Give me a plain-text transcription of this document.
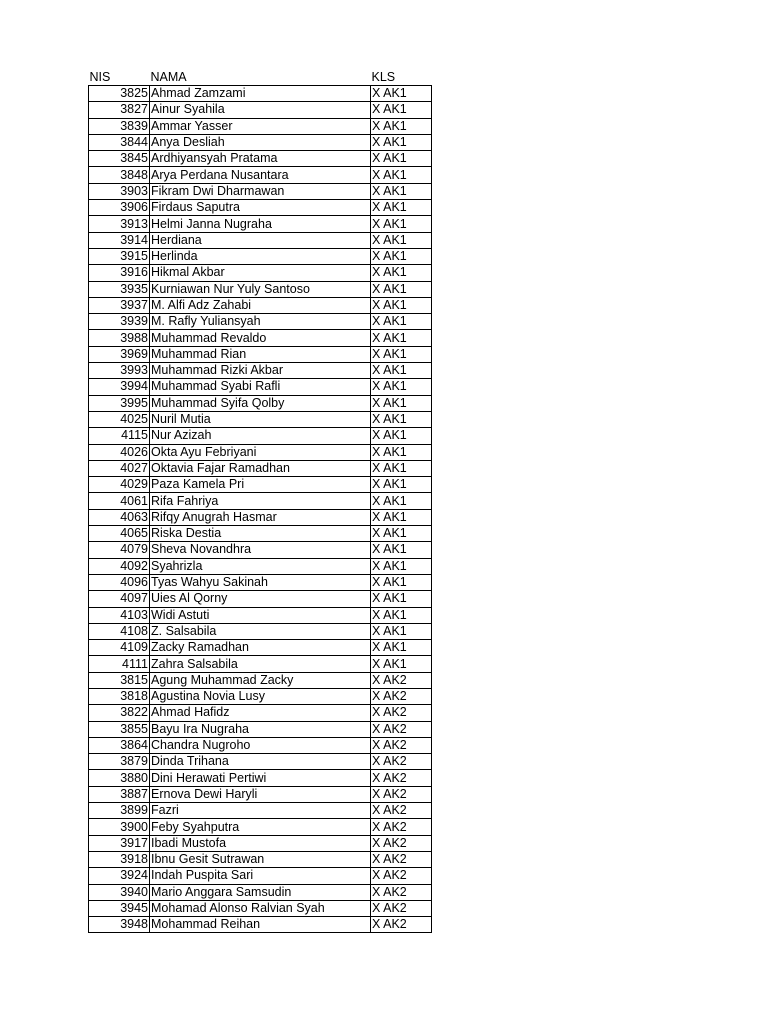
NIS	NAMA	KLS
3825	Ahmad Zamzami	X AK1
3827	Ainur Syahila	X AK1
3839	Ammar Yasser	X AK1
3844	Anya Desliah	X AK1
3845	Ardhiyansyah Pratama	X AK1
3848	Arya Perdana Nusantara	X AK1
3903	Fikram Dwi Dharmawan	X AK1
3906	Firdaus Saputra	X AK1
3913	Helmi Janna Nugraha	X AK1
3914	Herdiana	X AK1
3915	Herlinda	X AK1
3916	Hikmal Akbar	X AK1
3935	Kurniawan Nur Yuly Santoso	X AK1
3937	M. Alfi Adz Zahabi	X AK1
3939	M. Rafly Yuliansyah	X AK1
3988	Muhammad Revaldo	X AK1
3969	Muhammad Rian	X AK1
3993	Muhammad Rizki Akbar	X AK1
3994	Muhammad Syabi Rafli	X AK1
3995	Muhammad Syifa Qolby	X AK1
4025	Nuril Mutia	X AK1
4115	Nur Azizah	X AK1
4026	Okta Ayu Febriyani	X AK1
4027	Oktavia Fajar Ramadhan	X AK1
4029	Paza Kamela Pri	X AK1
4061	Rifa Fahriya	X AK1
4063	Rifqy Anugrah Hasmar	X AK1
4065	Riska Destia	X AK1
4079	Sheva Novandhra	X AK1
4092	Syahrizla	X AK1
4096	Tyas Wahyu Sakinah	X AK1
4097	Uies Al Qorny	X AK1
4103	Widi Astuti	X AK1
4108	Z. Salsabila	X AK1
4109	Zacky Ramadhan	X AK1
4111	Zahra Salsabila	X AK1
3815	Agung Muhammad Zacky	X AK2
3818	Agustina Novia Lusy	X AK2
3822	Ahmad Hafidz	X AK2
3855	Bayu Ira Nugraha	X AK2
3864	Chandra Nugroho	X AK2
3879	Dinda Trihana	X AK2
3880	Dini Herawati Pertiwi	X AK2
3887	Ernova Dewi Haryli	X AK2
3899	Fazri	X AK2
3900	Feby Syahputra	X AK2
3917	Ibadi Mustofa	X AK2
3918	Ibnu Gesit Sutrawan	X AK2
3924	Indah Puspita Sari	X AK2
3940	Mario Anggara Samsudin	X AK2
3945	Mohamad Alonso Ralvian Syah	X AK2
3948	Mohammad Reihan	X AK2
